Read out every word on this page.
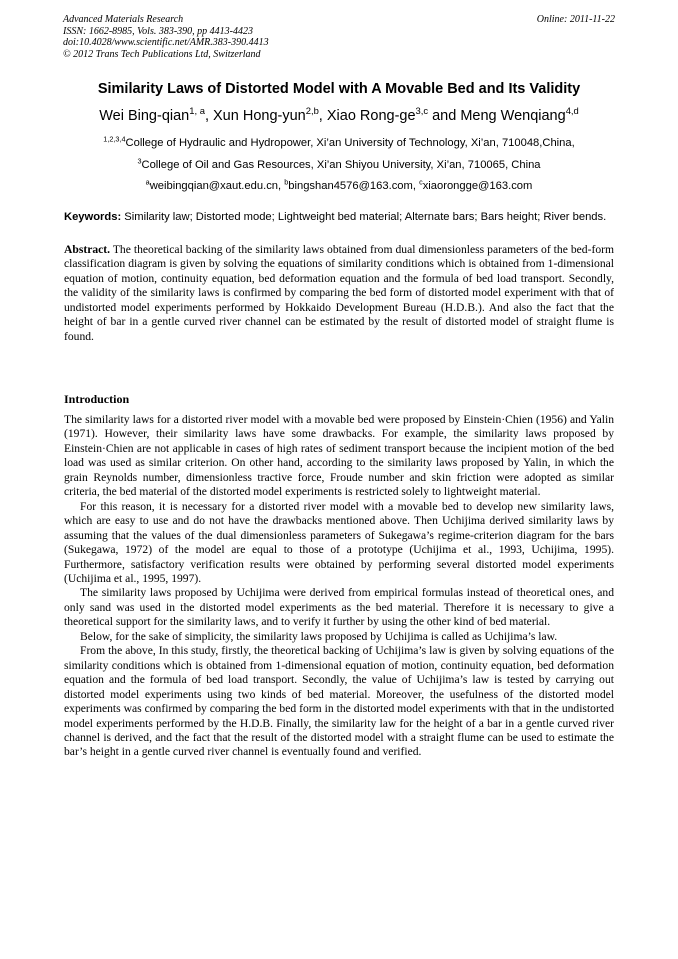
Advanced Materials Research
ISSN: 1662-8985, Vols. 383-390, pp 4413-4423
doi:10.4028/www.scientific.net/AMR.383-390.4413
© 2012 Trans Tech Publications Ltd, Switzerland
Online: 2011-11-22
Similarity Laws of Distorted Model with A Movable Bed and Its Validity
Wei Bing-qian$^{1, a}$, Xun Hong-yun$^{2,b}$, Xiao Rong-ge$^{3,c}$ and Meng Wenqiang$^{4,d}$
$^{1,2,3,4}$College of Hydraulic and Hydropower, Xi’an University of Technology, Xi’an, 710048,China,
$^3$College of Oil and Gas Resources, Xi’an Shiyou University, Xi’an, 710065, China
$^a$weibingqian@xaut.edu.cn, $^b$bingshan4576@163.com, $^c$xiaorongge@163.com
Keywords: Similarity law; Distorted mode; Lightweight bed material; Alternate bars; Bars height; River bends.
Abstract. The theoretical backing of the similarity laws obtained from dual dimensionless parameters of the bed-form classification diagram is given by solving the equations of similarity conditions which is obtained from 1-dimensional equation of motion, continuity equation, bed deformation equation and the formula of bed load transport. Secondly, the validity of the similarity laws is confirmed by comparing the bed form of distorted model experiment with that of undistorted model experiments performed by Hokkaido Development Bureau (H.D.B.). And also the fact that the height of bar in a gentle curved river channel can be estimated by the result of distorted model of straight flume is found.
Introduction

The similarity laws for a distorted river model with a movable bed were proposed by Einstein·Chien (1956) and Yalin (1971). However, their similarity laws have some drawbacks. For example, the similarity laws proposed by Einstein·Chien are not applicable in cases of high rates of sediment transport because the incipient motion of the bed load was used as similar criterion. On other hand, according to the similarity laws proposed by Yalin, in which the grain Reynolds number, dimensionless tractive force, Froude number and skin friction were adopted as similar criteria, the bed material of the distorted model experiments is restricted solely to lightweight material.

For this reason, it is necessary for a distorted river model with a movable bed to develop new similarity laws, which are easy to use and do not have the drawbacks mentioned above. Then Uchijima derived similarity laws by assuming that the values of the dual dimensionless parameters of Sukegawa’s regime-criterion diagram for the bars (Sukegawa, 1972) of the model are equal to those of a prototype (Uchijima et al., 1993, Uchijima, 1995). Furthermore, satisfactory verification results were obtained by performing several distorted model experiments (Uchijima et al., 1995, 1997).

The similarity laws proposed by Uchijima were derived from empirical formulas instead of theoretical ones, and only sand was used in the distorted model experiments as the bed material. Therefore it is necessary to give a theoretical support for the similarity laws, and to verify it further by using the other kind of bed material.

Below, for the sake of simplicity, the similarity laws proposed by Uchijima is called as Uchijima’s law.

From the above, In this study, firstly, the theoretical backing of Uchijima’s law is given by solving equations of the similarity conditions which is obtained from 1-dimensional equation of motion, continuity equation, bed deformation equation and the formula of bed load transport. Secondly, the value of Uchijima’s law is tested by carrying out distorted model experiments using two kinds of bed material. Moreover, the usefulness of the distorted model experiments was confirmed by comparing the bed form in the distorted model experiments with that in the undistorted model experiments performed by the H.D.B. Finally, the similarity law for the height of a bar in a gentle curved river channel is derived, and the fact that the result of the distorted model with a straight flume can be used to estimate the bar’s height in a gentle curved river channel is eventually found and verified.
